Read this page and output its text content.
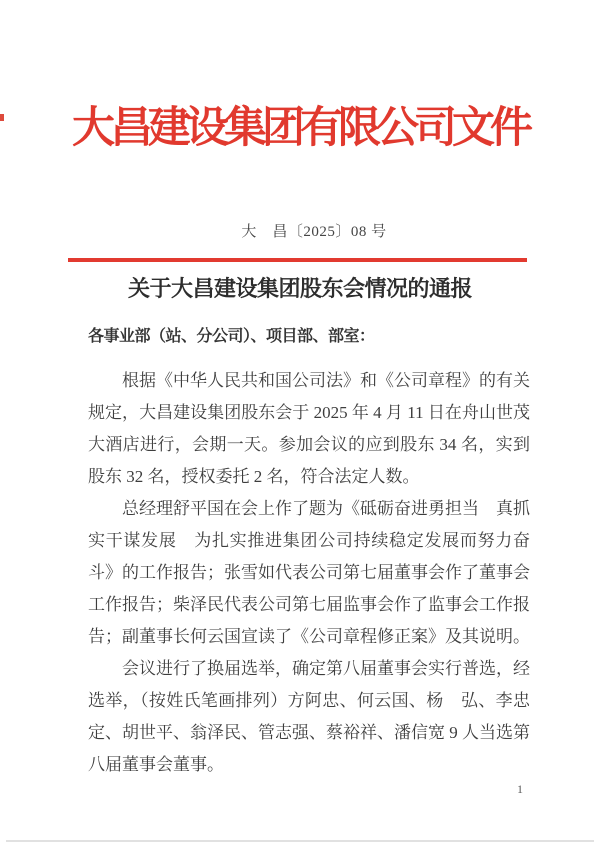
大昌建设集团有限公司文件
大　昌〔2025〕08 号
关于大昌建设集团股东会情况的通报
各事业部（站、分公司）、项目部、部室：

根据《中华人民共和国公司法》和《公司章程》的有关规定，大昌建设集团股东会于 2025 年 4 月 11 日在舟山世茂大酒店进行，会期一天。参加会议的应到股东 34 名，实到股东 32 名，授权委托 2 名，符合法定人数。

总经理舒平国在会上作了题为《砥砺奋进勇担当　真抓实干谋发展　为扎实推进集团公司持续稳定发展而努力奋斗》的工作报告；张雪如代表公司第七届董事会作了董事会工作报告；柴泽民代表公司第七届监事会作了监事会工作报告；副董事长何云国宣读了《公司章程修正案》及其说明。

会议进行了换届选举，确定第八届董事会实行普选，经选举，（按姓氏笔画排列）方阿忠、何云国、杨　弘、李忠定、胡世平、翁泽民、管志强、蔡裕祥、潘信宽 9 人当选第八届董事会董事。

1
